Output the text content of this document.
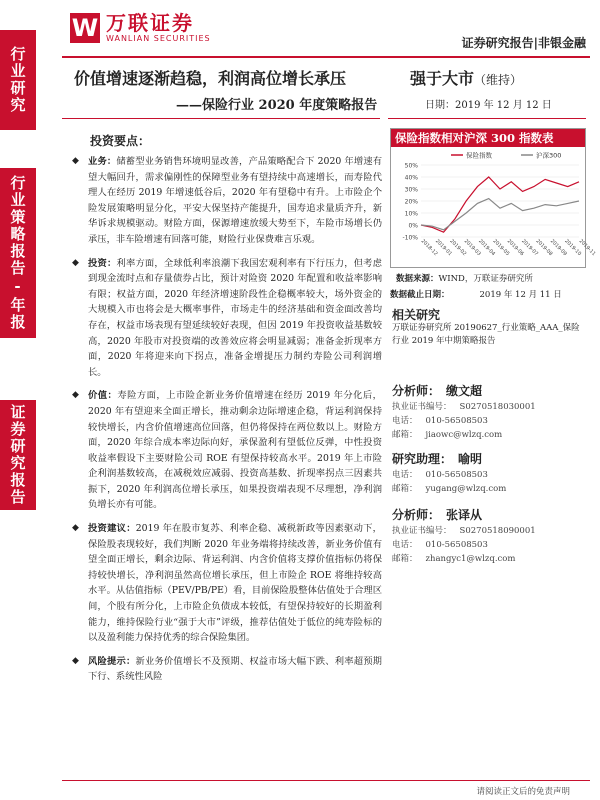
W 万联证券
WANLIAN SECURITIES	证券研究报告|非银金融
行业研究
行业策略报告-年报
证券研究报告
价值增速逐渐趋稳，利润高位增长承压
——保险行业 2020 年度策略报告
强于大市（维持）
日期：2019 年 12 月 12 日
投资要点：
◆ 业务：储蓄型业务销售环境明显改善，产品策略配合下 2020 年增速有望大幅回升，需求偏刚性的保障型业务有望持续中高速增长，而寿险代理人在经历 2019 年增速低谷后，2020 年有望稳中有升。上市险企个险发展策略明显分化，平安大保坚持产能提升，国寿追求量质齐升，新华诉求规模驱动。财险方面，保源增速放缓大势至下，车险市场增长仍承压，非车险增速有回落可能，财险行业保费难言乐观。
◆ 投资：利率方面，全球低利率浪潮下我国宏观利率有下行压力，但考虑到现金流时点和存量债券占比，预计对险资 2020 年配置和收益率影响有限；权益方面，2020 年经济增速阶段性企稳概率较大，场外资金的大规模入市也将会是大概率事件，市场走牛的经济基础和资金面改善均存在，权益市场表现有望延续较好表现，但因 2019 年投资收益基数较高，2020 年股市对投资端的改善效应将会明显减弱；准备金折现率方面，2020 年将迎来向下拐点，准备金增提压力制约寿险公司利润增长。
◆ 价值：寿险方面，上市险企新业务价值增速在经历 2019 年分化后，2020 年有望迎来全面正增长，推动剩余边际增速企稳，背运利润保持较快增长，内含价值增速高位回落，但仍将保持在两位数以上。财险方面，2020 年综合成本率边际向好，承保盈利有望低位反弹，中性投资收益率假设下主要财险公司 ROE 有望保持较高水平。2019 年上市险企利润基数较高，在减税效应减弱、投资高基数、折现率拐点三因素共振下，2020 年利润高位增长承压，如果投资端表现不尽理想，净利润负增长亦有可能。
◆ 投资建议：2019 年在股市复苏、利率企稳、减税新政等因素驱动下，保险股表现较好，我们判断 2020 年业务端将持续改善，新业务价值有望全面正增长，剩余边际、背运利润、内含价值将支撑价值指标仍将保持较快增长，净利润虽然高位增长承压，但上市险企 ROE 将维持较高水平。从估值指标（PEV/PB/PE）看，目前保险股整体估值处于合理区间，个股有所分化，上市险企负债成本较低，有望保持较好的长期盈利能力，维持保险行业“强于大市”评级，推荐估值处于低位的纯寿险标的以及盈利能力保持优秀的综合保险集团。
◆ 风险提示：新业务价值增长不及预期、权益市场大幅下跌、利率超预期下行、系统性风险
保险指数相对沪深 300 指数表
50%
40%
30%
20%
10%
0%
-10%
2018-12
2019-01
2019-02
2019-03
2019-04
2019-05
2019-06
2019-07
2019-08
2019-09
2019-10
2019-11
保险指数	沪深300
数据来源：WIND，万联证券研究所
数据截止日期：	2019 年 12 月 11 日
相关研究
万联证券研究所 20190627_行业策略_AAA_保险行业 2019 年中期策略报告
分析师： 缴文超
执业证书编号： S0270518030001
电话： 010-56508503
邮箱： jiaowc@wlzq.com
研究助理： 喻明
电话： 010-56508503
邮箱： yugang@wlzq.com
分析师： 张译从
执业证书编号： S0270518090001
电话： 010-56508503
邮箱： zhangyc1@wlzq.com
请阅读正文后的免责声明
